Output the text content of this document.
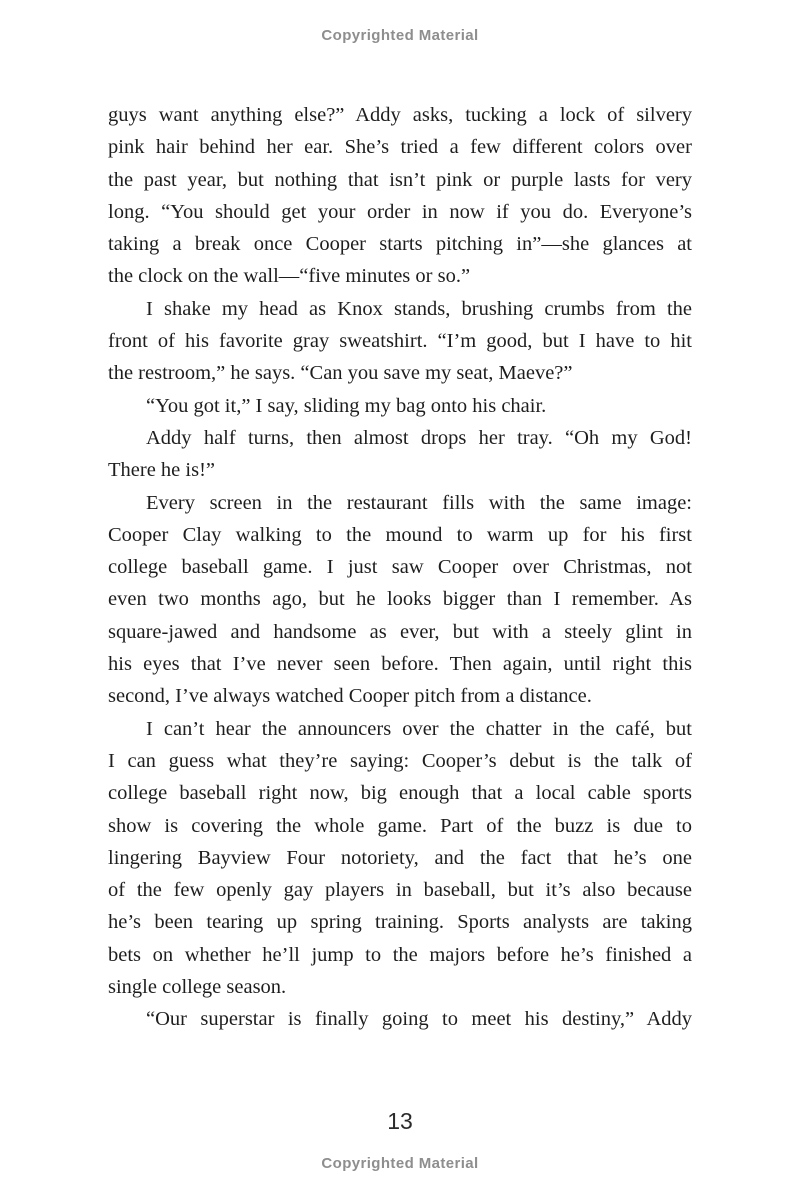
Copyrighted Material

guys want anything else?” Addy asks, tucking a lock of silvery
pink hair behind her ear. She’s tried a few different colors over
the past year, but nothing that isn’t pink or purple lasts for very
long. “You should get your order in now if you do. Everyone’s
taking a break once Cooper starts pitching in”—she glances at
the clock on the wall—“five minutes or so.”

I shake my head as Knox stands, brushing crumbs from the
front of his favorite gray sweatshirt. “I’m good, but I have to hit
the restroom,” he says. “Can you save my seat, Maeve?”

“You got it,” I say, sliding my bag onto his chair.

Addy half turns, then almost drops her tray. “Oh my God!
There he is!”

Every screen in the restaurant fills with the same image:
Cooper Clay walking to the mound to warm up for his first
college baseball game. I just saw Cooper over Christmas, not
even two months ago, but he looks bigger than I remember. As
square-jawed and handsome as ever, but with a steely glint in
his eyes that I’ve never seen before. Then again, until right this
second, I’ve always watched Cooper pitch from a distance.

I can’t hear the announcers over the chatter in the café, but
I can guess what they’re saying: Cooper’s debut is the talk of
college baseball right now, big enough that a local cable sports
show is covering the whole game. Part of the buzz is due to
lingering Bayview Four notoriety, and the fact that he’s one
of the few openly gay players in baseball, but it’s also because
he’s been tearing up spring training. Sports analysts are taking
bets on whether he’ll jump to the majors before he’s finished a
single college season.

“Our superstar is finally going to meet his destiny,” Addy

13
Copyrighted Material
